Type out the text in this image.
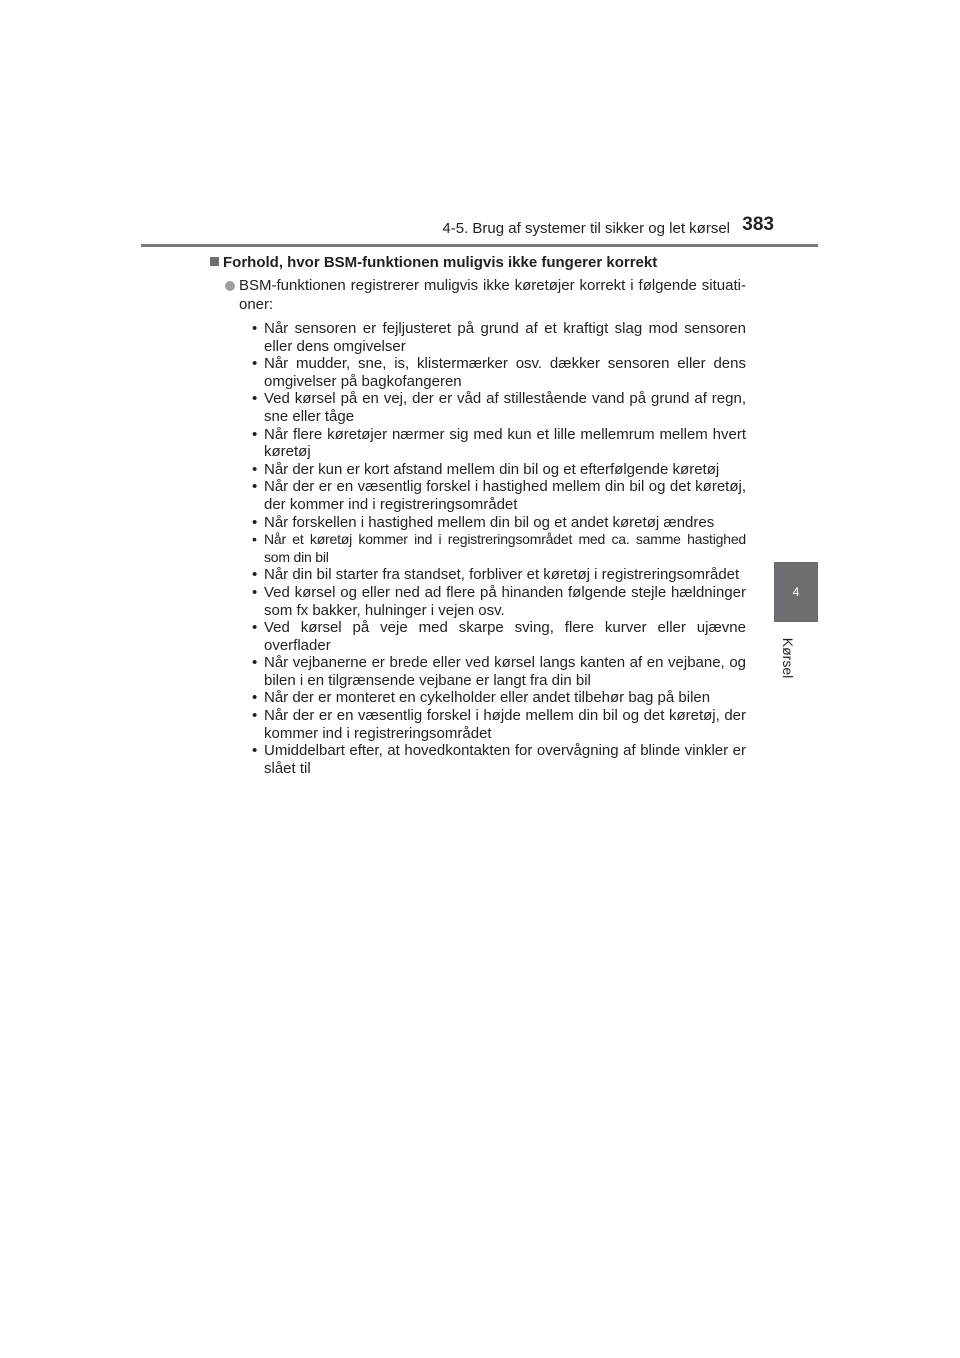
4-5. Brug af systemer til sikker og let kørsel 383
4
Kørsel
Forhold, hvor BSM-funktionen muligvis ikke fungerer korrekt
BSM-funktionen registrerer muligvis ikke køretøjer korrekt i følgende situati-oner:
• Når sensoren er fejljusteret på grund af et kraftigt slag mod sensoren eller dens omgivelser
• Når mudder, sne, is, klistermærker osv. dækker sensoren eller dens omgivelser på bagkofangeren
• Ved kørsel på en vej, der er våd af stillestående vand på grund af regn, sne eller tåge
• Når flere køretøjer nærmer sig med kun et lille mellemrum mellem hvert køretøj
• Når der kun er kort afstand mellem din bil og et efterfølgende køretøj
• Når der er en væsentlig forskel i hastighed mellem din bil og det køretøj, der kommer ind i registreringsområdet
• Når forskellen i hastighed mellem din bil og et andet køretøj ændres
• Når et køretøj kommer ind i registreringsområdet med ca. samme hastighed som din bil
• Når din bil starter fra standset, forbliver et køretøj i registreringsområdet
• Ved kørsel og eller ned ad flere på hinanden følgende stejle hældninger som fx bakker, hulninger i vejen osv.
• Ved kørsel på veje med skarpe sving, flere kurver eller ujævne overflader
• Når vejbanerne er brede eller ved kørsel langs kanten af en vejbane, og bilen i en tilgrænsende vejbane er langt fra din bil
• Når der er monteret en cykelholder eller andet tilbehør bag på bilen
• Når der er en væsentlig forskel i højde mellem din bil og det køretøj, der kommer ind i registreringsområdet
• Umiddelbart efter, at hovedkontakten for overvågning af blinde vinkler er slået til
